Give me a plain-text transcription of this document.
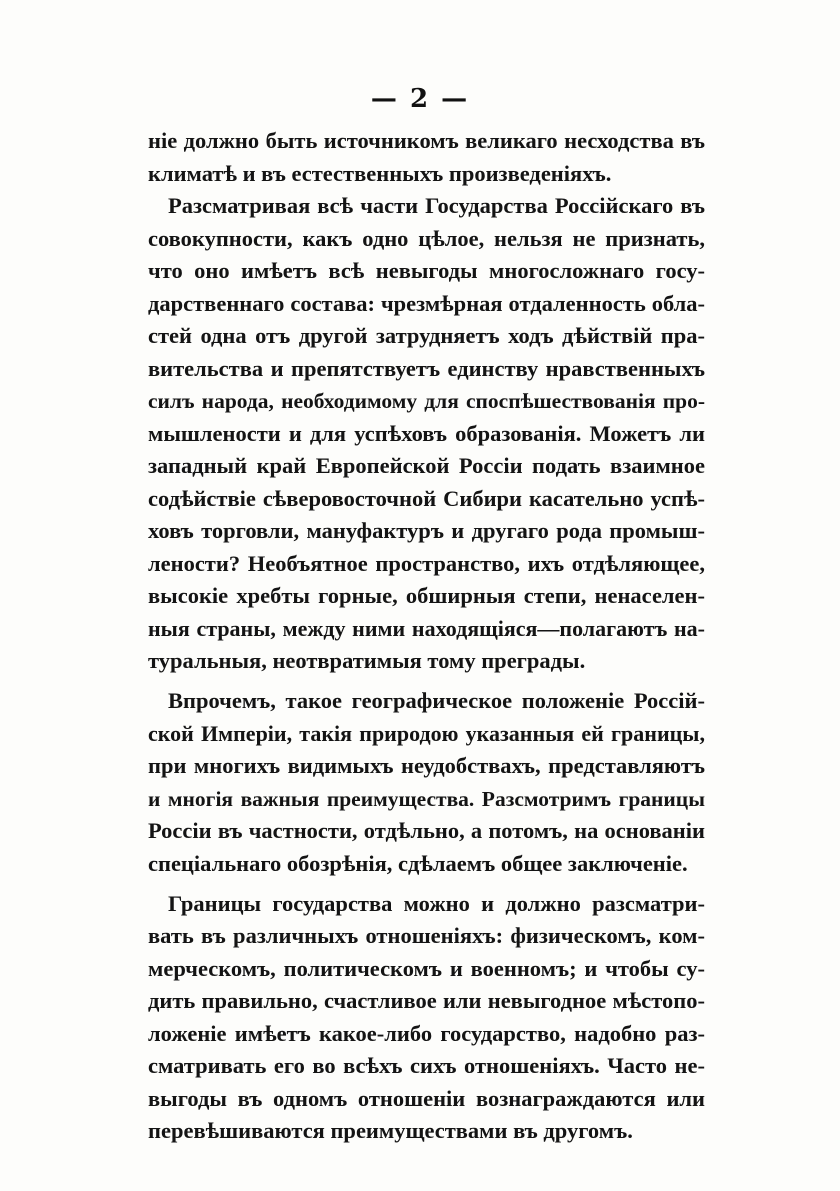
— 2 —
ніе должно быть источникомъ великаго несходства въ
климатѣ и въ естественныхъ произведеніяхъ.
Разсматривая всѣ части Государства Россійскаго въ
совокупности, какъ одно цѣлое, нельзя не признать,
что оно имѣетъ всѣ невыгоды многосложнаго госу-
дарственнаго состава: чрезмѣрная отдаленность обла-
стей одна отъ другой затрудняетъ ходъ дѣйствій пра-
вительства и препятствуетъ единству нравственныхъ
силъ народа, необходимому для споспѣшествованія про-
мышлености и для успѣховъ образованія. Можетъ ли
западный край Европейской Россіи подать взаимное
содѣйствіе сѣверовосточной Сибири касательно успѣ-
ховъ торговли, мануфактуръ и другаго рода промыш-
лености? Необъятное пространство, ихъ отдѣляющее,
высокіе хребты горные, обширныя степи, ненаселен-
ныя страны, между ними находящіяся—полагаютъ на-
туральныя, неотвратимыя тому преграды.
Впрочемъ, такое географическое положеніе Россій-
ской Имперіи, такія природою указанныя ей границы,
при многихъ видимыхъ неудобствахъ, представляютъ
и многія важныя преимущества. Разсмотримъ границы
Россіи въ частности, отдѣльно, а потомъ, на основаніи
спеціальнаго обозрѣнія, сдѣлаемъ общее заключеніе.
Границы государства можно и должно разсматри-
вать въ различныхъ отношеніяхъ: физическомъ, ком-
мерческомъ, политическомъ и военномъ; и чтобы су-
дить правильно, счастливое или невыгодное мѣстопо-
ложеніе имѣетъ какое-либо государство, надобно раз-
сматривать его во всѣхъ сихъ отношеніяхъ. Часто не-
выгоды въ одномъ отношеніи вознаграждаются или
перевѣшиваются преимуществами въ другомъ.
